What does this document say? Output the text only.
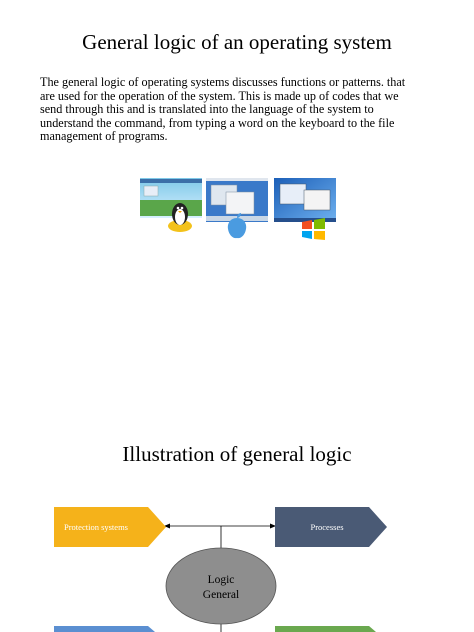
General logic of an operating system

The general logic of operating systems discusses functions or patterns. that are used for the operation of the system. This is made up of codes that we send through this and is translated into the language of the system to understand the command, from typing a word on the keyboard to the file management of programs.

Illustration of general logic
Protection systems	Processes
Logic
General
